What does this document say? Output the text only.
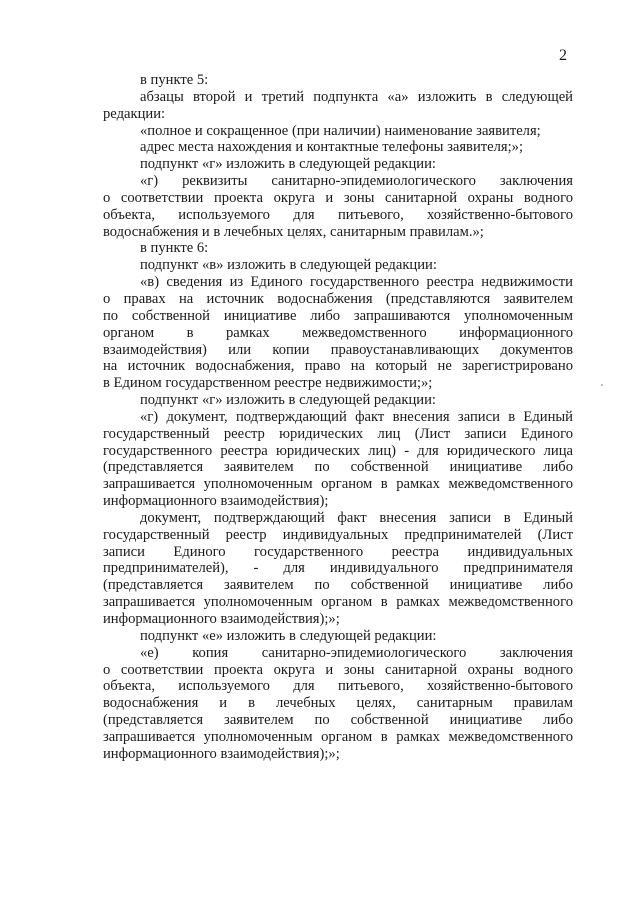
2
в пункте 5:
абзацы второй и третий подпункта «а» изложить в следующей
редакции:
«полное и сокращенное (при наличии) наименование заявителя;
адрес места нахождения и контактные телефоны заявителя;»;
подпункт «г» изложить в следующей редакции:
«г) реквизиты санитарно-эпидемиологического заключения
о соответствии проекта округа и зоны санитарной охраны водного
объекта, используемого для питьевого, хозяйственно-бытового
водоснабжения и в лечебных целях, санитарным правилам.»;
в пункте 6:
подпункт «в» изложить в следующей редакции:
«в) сведения из Единого государственного реестра недвижимости
о правах на источник водоснабжения (представляются заявителем
по собственной инициативе либо запрашиваются уполномоченным
органом в рамках межведомственного информационного
взаимодействия) или копии правоустанавливающих документов
на источник водоснабжения, право на который не зарегистрировано
в Едином государственном реестре недвижимости;»;
подпункт «г» изложить в следующей редакции:
«г) документ, подтверждающий факт внесения записи в Единый
государственный реестр юридических лиц (Лист записи Единого
государственного реестра юридических лиц) - для юридического лица
(представляется заявителем по собственной инициативе либо
запрашивается уполномоченным органом в рамках межведомственного
информационного взаимодействия);
документ, подтверждающий факт внесения записи в Единый
государственный реестр индивидуальных предпринимателей (Лист
записи Единого государственного реестра индивидуальных
предпринимателей), - для индивидуального предпринимателя
(представляется заявителем по собственной инициативе либо
запрашивается уполномоченным органом в рамках межведомственного
информационного взаимодействия);»;
подпункт «е» изложить в следующей редакции:
«е) копия санитарно-эпидемиологического заключения
о соответствии проекта округа и зоны санитарной охраны водного
объекта, используемого для питьевого, хозяйственно-бытового
водоснабжения и в лечебных целях, санитарным правилам
(представляется заявителем по собственной инициативе либо
запрашивается уполномоченным органом в рамках межведомственного
информационного взаимодействия);»;
